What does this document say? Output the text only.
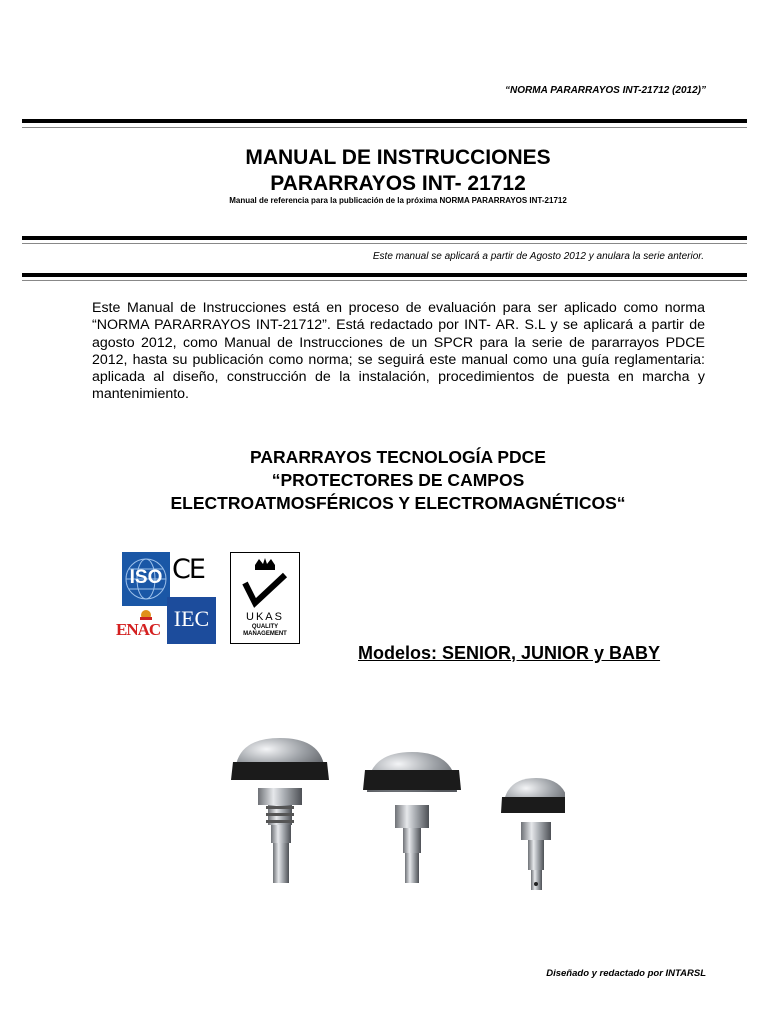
“NORMA PARARRAYOS INT-21712 (2012)”
MANUAL DE INSTRUCCIONES
PARARRAYOS INT- 21712
Manual de referencia para la publicación de la próxima NORMA PARARRAYOS INT-21712
Este manual se aplicará a partir de Agosto 2012 y anulara la serie anterior.
Este Manual de Instrucciones está en proceso de evaluación para ser aplicado como norma “NORMA PARARRAYOS INT-21712”. Está redactado por INT- AR. S.L y se aplicará a partir de agosto 2012, como Manual de Instrucciones de un SPCR para la serie de pararrayos PDCE 2012, hasta su publicación como norma; se seguirá este manual como una guía reglamentaria: aplicada al diseño, construcción de la instalación, procedimientos de puesta en marcha y mantenimiento.
PARARRAYOS TECNOLOGÍA PDCE
“PROTECTORES DE CAMPOS
ELECTROATMOSFÉRICOS Y ELECTROMAGNÉTICOS“
ISO CE
ENAC IEC	UKAS
QUALITY
MANAGEMENT
Modelos: SENIOR, JUNIOR y BABY
Diseñado y redactado por INTARSL
